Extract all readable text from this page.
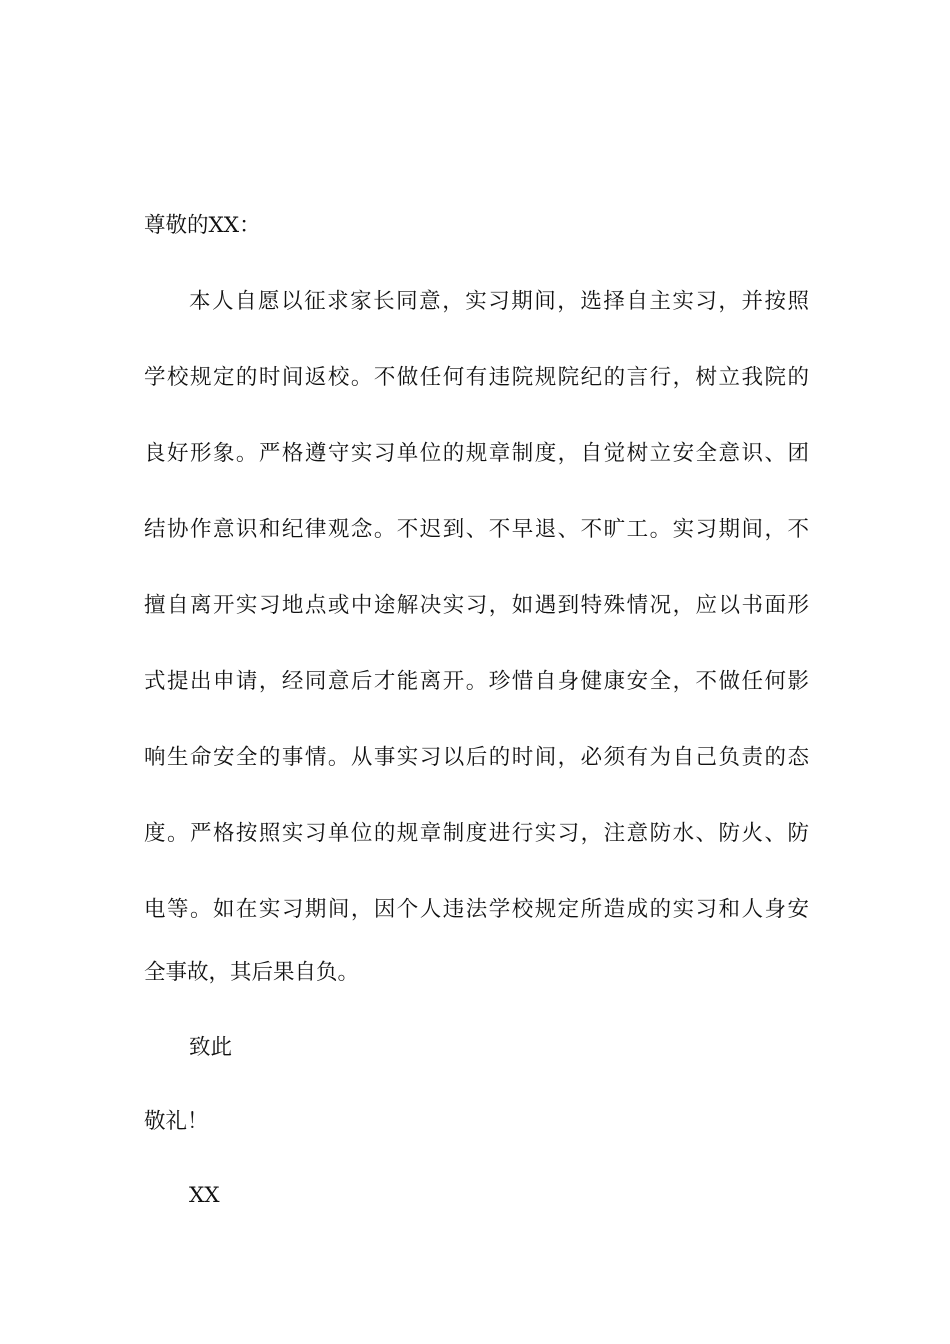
尊敬的XX：
本人自愿以征求家长同意，实习期间，选择自主实习，并按照
学校规定的时间返校。不做任何有违院规院纪的言行，树立我院的
良好形象。严格遵守实习单位的规章制度，自觉树立安全意识、团
结协作意识和纪律观念。不迟到、不早退、不旷工。实习期间，不
擅自离开实习地点或中途解决实习，如遇到特殊情况，应以书面形
式提出申请，经同意后才能离开。珍惜自身健康安全，不做任何影
响生命安全的事情。从事实习以后的时间，必须有为自己负责的态
度。严格按照实习单位的规章制度进行实习，注意防水、防火、防
电等。如在实习期间，因个人违法学校规定所造成的实习和人身安
全事故，其后果自负。
致此
敬礼！
XX
